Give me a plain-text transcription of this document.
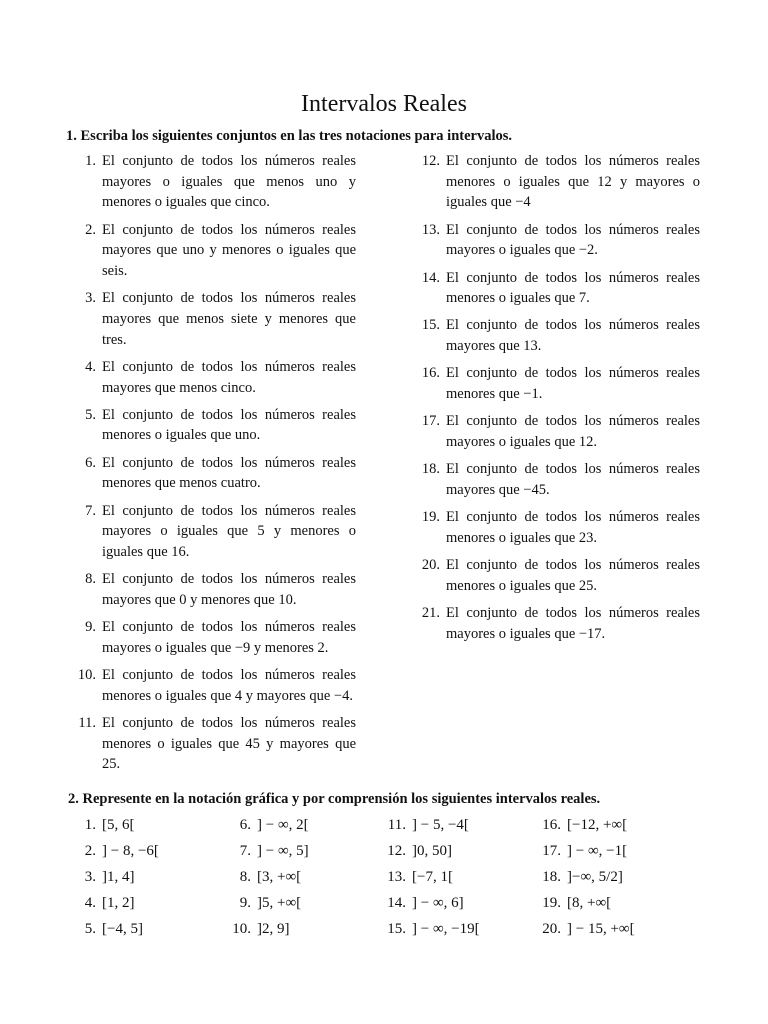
Intervalos Reales
1. Escriba los siguientes conjuntos en las tres notaciones para intervalos.
1. El conjunto de todos los números reales mayores o iguales que menos uno y menores o iguales que cinco.
2. El conjunto de todos los números reales mayores que uno y menores o iguales que seis.
3. El conjunto de todos los números reales mayores que menos siete y menores que tres.
4. El conjunto de todos los números reales mayores que menos cinco.
5. El conjunto de todos los números reales menores o iguales que uno.
6. El conjunto de todos los números reales menores que menos cuatro.
7. El conjunto de todos los números reales mayores o iguales que 5 y menores o iguales que 16.
8. El conjunto de todos los números reales mayores que 0 y menores que 10.
9. El conjunto de todos los números reales mayores o iguales que −9 y menores 2.
10. El conjunto de todos los números reales menores o iguales que 4 y mayores que −4.
11. El conjunto de todos los números reales menores o iguales que 45 y mayores que 25.
12. El conjunto de todos los números reales menores o iguales que 12 y mayores o iguales que −4
13. El conjunto de todos los números reales mayores o iguales que −2.
14. El conjunto de todos los números reales menores o iguales que 7.
15. El conjunto de todos los números reales mayores que 13.
16. El conjunto de todos los números reales menores que −1.
17. El conjunto de todos los números reales mayores o iguales que 12.
18. El conjunto de todos los números reales mayores que −45.
19. El conjunto de todos los números reales menores o iguales que 23.
20. El conjunto de todos los números reales menores o iguales que 25.
21. El conjunto de todos los números reales mayores o iguales que −17.
2. Represente en la notación gráfica y por comprensión los siguientes intervalos reales.
1. [5, 6[	6. ] − ∞, 2[	11. ] − 5, −4[	16. [−12, +∞[
2. ] − 8, −6[	7. ] − ∞, 5]	12. ]0, 50]	17. ] − ∞, −1[
3. ]1, 4]	8. [3, +∞[	13. [−7, 1[	18. ]−∞, 5/2]
4. [1, 2]	9. ]5, +∞[	14. ] − ∞, 6]	19. [8, +∞[
5. [−4, 5]	10. ]2, 9]	15. ] − ∞, −19[	20. ] − 15, +∞[
